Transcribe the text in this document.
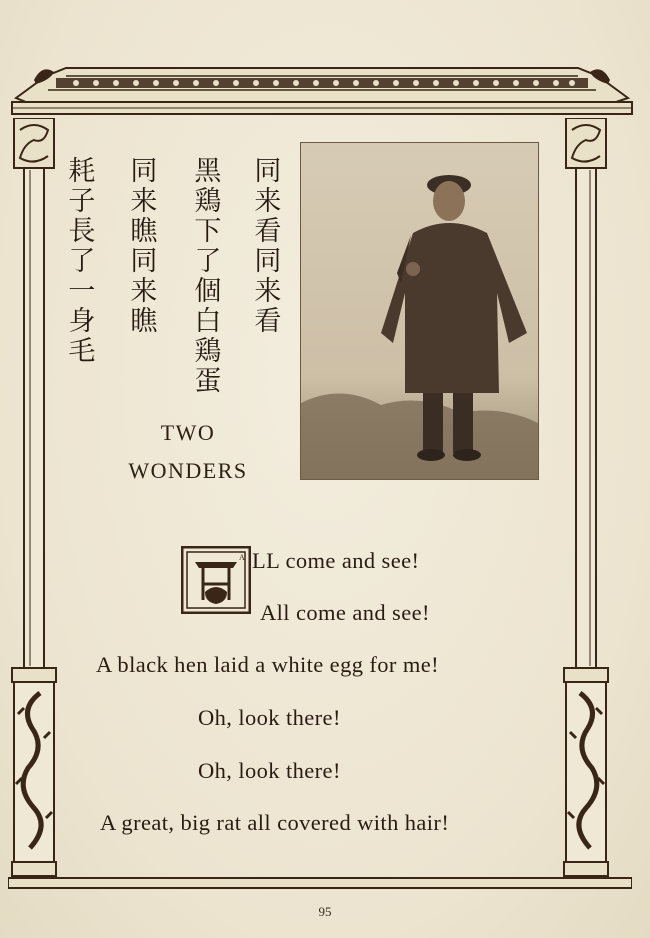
同来看同来看
黑鶏下了個白鶏蛋
同来瞧同来瞧
耗子長了一身毛
TWO
WONDERS
A LL come and see!
All come and see!
A black hen laid a white egg for me!
Oh, look there!
Oh, look there!
A great, big rat all covered with hair!
95
